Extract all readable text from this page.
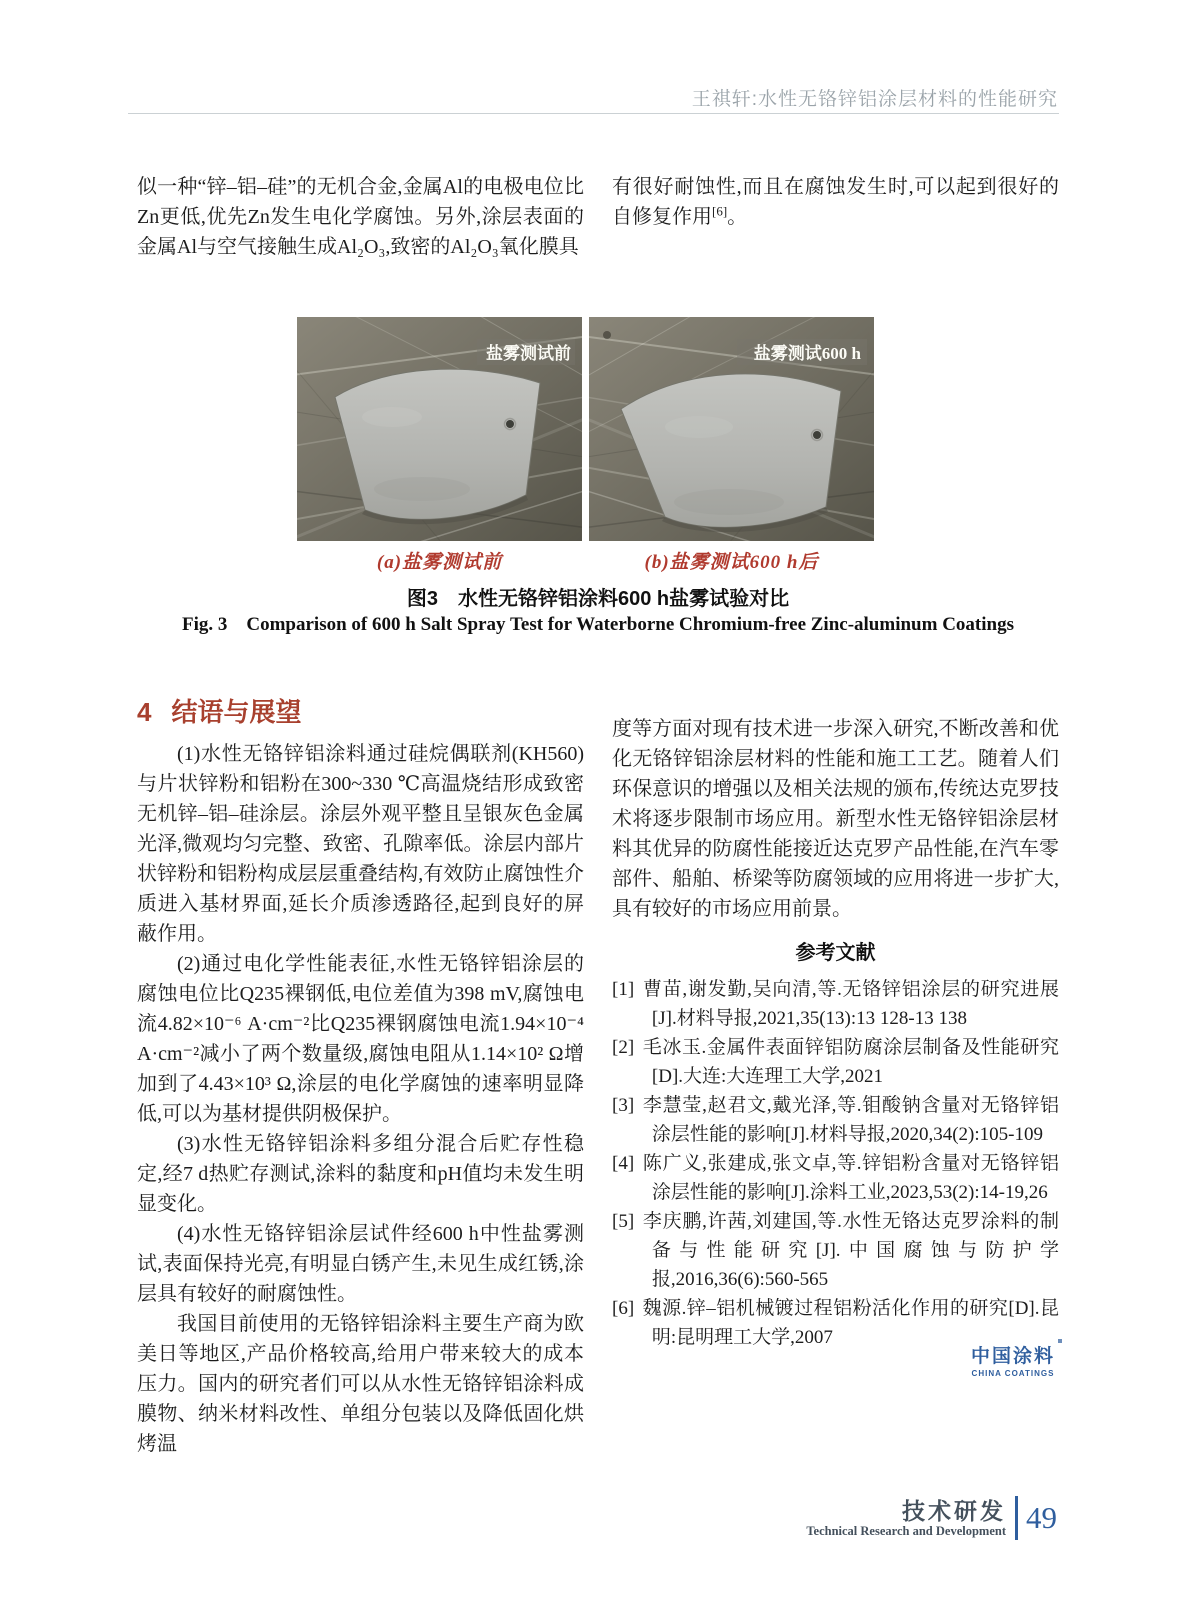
王祺轩:水性无铬锌铝涂层材料的性能研究

似一种“锌–铝–硅”的无机合金,金属Al的电极电位比Zn更低,优先Zn发生电化学腐蚀。另外,涂层表面的金属Al与空气接触生成Al₂O₃,致密的Al₂O₃氧化膜具

有很好耐蚀性,而且在腐蚀发生时,可以起到很好的自修复作用[6]。

盐雾测试前	盐雾测试600 h
(a)盐雾测试前	(b)盐雾测试600 h后
图3　水性无铬锌铝涂料600 h盐雾试验对比
Fig. 3　Comparison of 600 h Salt Spray Test for Waterborne Chromium-free Zinc-aluminum Coatings
4 结语与展望

(1)水性无铬锌铝涂料通过硅烷偶联剂(KH560)与片状锌粉和铝粉在300~330 ℃高温烧结形成致密无机锌–铝–硅涂层。涂层外观平整且呈银灰色金属光泽,微观均匀完整、致密、孔隙率低。涂层内部片状锌粉和铝粉构成层层重叠结构,有效防止腐蚀性介质进入基材界面,延长介质渗透路径,起到良好的屏蔽作用。

(2)通过电化学性能表征,水性无铬锌铝涂层的腐蚀电位比Q235裸钢低,电位差值为398 mV,腐蚀电流4.82×10⁻⁶ A·cm⁻²比Q235裸钢腐蚀电流1.94×10⁻⁴ A·cm⁻²减小了两个数量级,腐蚀电阻从1.14×10² Ω增加到了4.43×10³ Ω,涂层的电化学腐蚀的速率明显降低,可以为基材提供阴极保护。

(3)水性无铬锌铝涂料多组分混合后贮存性稳定,经7 d热贮存测试,涂料的黏度和pH值均未发生明显变化。

(4)水性无铬锌铝涂层试件经600 h中性盐雾测试,表面保持光亮,有明显白锈产生,未见生成红锈,涂层具有较好的耐腐蚀性。

我国目前使用的无铬锌铝涂料主要生产商为欧美日等地区,产品价格较高,给用户带来较大的成本压力。国内的研究者们可以从水性无铬锌铝涂料成膜物、纳米材料改性、单组分包装以及降低固化烘烤温

度等方面对现有技术进一步深入研究,不断改善和优化无铬锌铝涂层材料的性能和施工工艺。随着人们环保意识的增强以及相关法规的颁布,传统达克罗技术将逐步限制市场应用。新型水性无铬锌铝涂层材料其优异的防腐性能接近达克罗产品性能,在汽车零部件、船舶、桥梁等防腐领域的应用将进一步扩大,具有较好的市场应用前景。

参考文献

[1] 曹苗,谢发勤,吴向清,等.无铬锌铝涂层的研究进展[J].材料导报,2021,35(13):13 128-13 138

[2] 毛冰玉.金属件表面锌铝防腐涂层制备及性能研究[D].大连:大连理工大学,2021

[3] 李慧莹,赵君文,戴光泽,等.钼酸钠含量对无铬锌铝涂层性能的影响[J].材料导报,2020,34(2):105-109

[4] 陈广义,张建成,张文卓,等.锌铝粉含量对无铬锌铝涂层性能的影响[J].涂料工业,2023,53(2):14-19,26

[5] 李庆鹏,许茜,刘建国,等.水性无铬达克罗涂料的制备与性能研究[J].中国腐蚀与防护学报,2016,36(6):560-565

[6] 魏源.锌–铝机械镀过程铝粉活化作用的研究[D].昆明:昆明理工大学,2007

中国涂料
CHINA COATINGS
技术研发
Technical Research and Development 49
